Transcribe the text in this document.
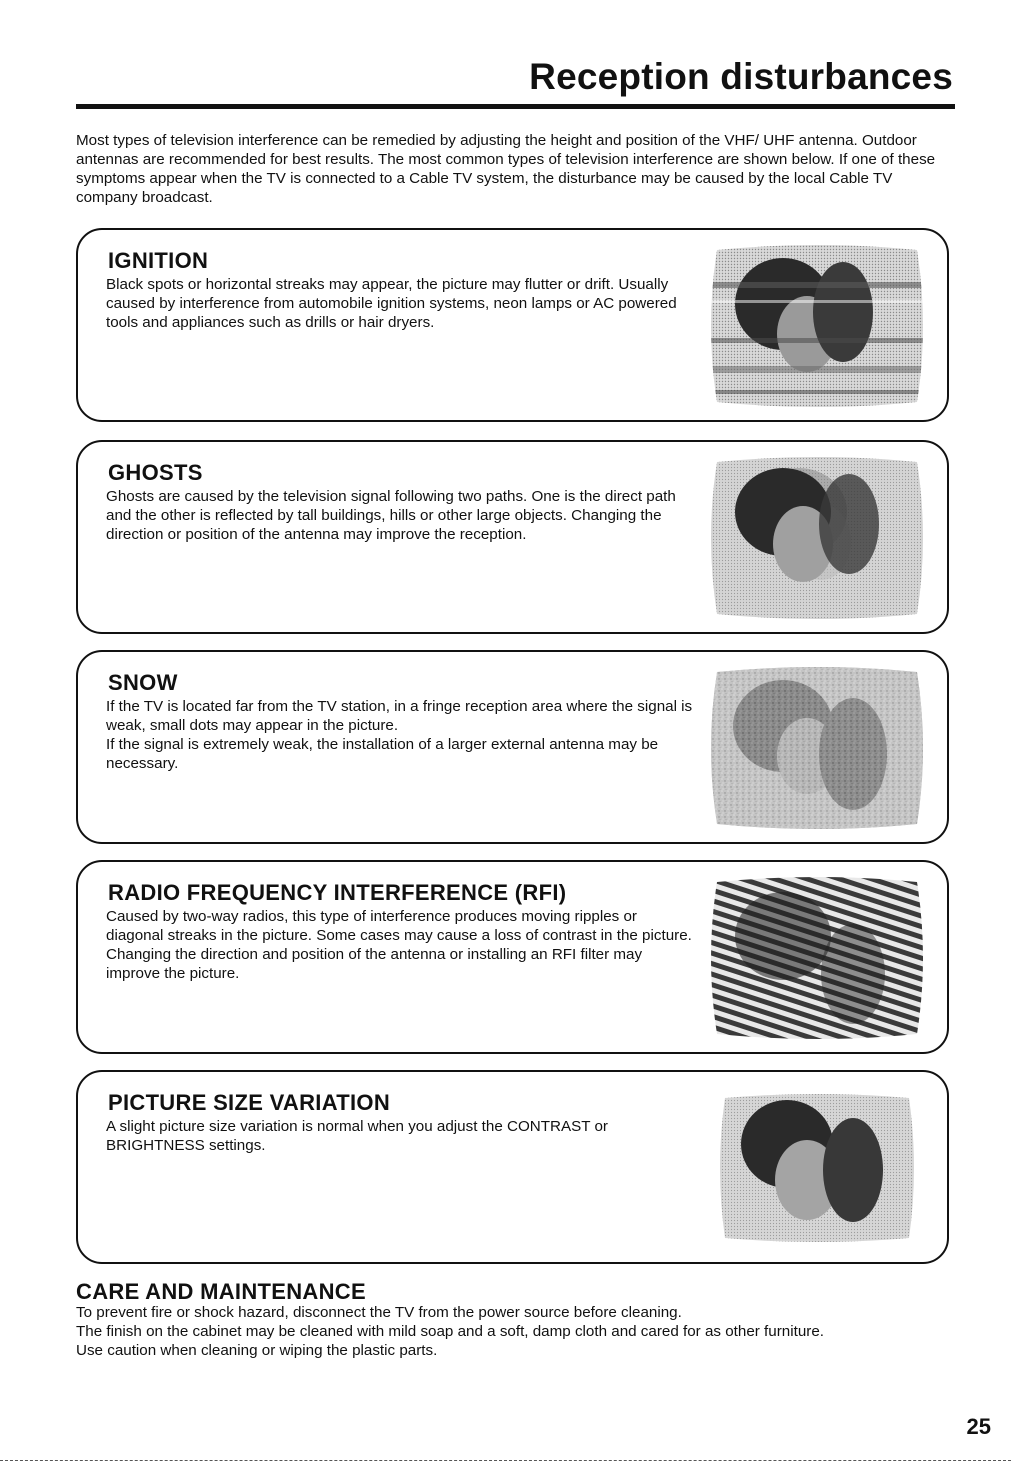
Reception disturbances

Most types of television interference can be remedied by adjusting the height and position of the VHF/ UHF antenna. Outdoor antennas are recommended for best results. The most common types of television interference are shown below. If one of these symptoms appear when the TV is connected to a Cable TV system, the disturbance may be caused by the local Cable TV company broadcast.

IGNITION
Black spots or horizontal streaks may appear, the picture may flutter or drift. Usually caused by interference from automobile ignition systems, neon lamps or AC powered tools and appliances such as drills or hair dryers.
GHOSTS
Ghosts are caused by the television signal following two paths. One is the direct path and the other is reflected by tall buildings, hills or other large objects. Changing the direction or position of the antenna may improve the reception.
SNOW
If the TV is located far from the TV station, in a fringe reception area where the signal is weak, small dots may appear in the picture.
If the signal is extremely weak, the installation of a larger external antenna may be necessary.
RADIO FREQUENCY INTERFERENCE (RFI)
Caused by two-way radios, this type of interference produces moving ripples or diagonal streaks in the picture. Some cases may cause a loss of contrast in the picture. Changing the direction and position of the antenna or installing an RFI filter may improve the picture.
PICTURE SIZE VARIATION
A slight picture size variation is normal when you adjust the CONTRAST or BRIGHTNESS settings.
CARE AND MAINTENANCE
To prevent fire or shock hazard, disconnect the TV from the power source before cleaning.
The finish on the cabinet may be cleaned with mild soap and a soft, damp cloth and cared for as other furniture.
Use caution when cleaning or wiping the plastic parts.
25
